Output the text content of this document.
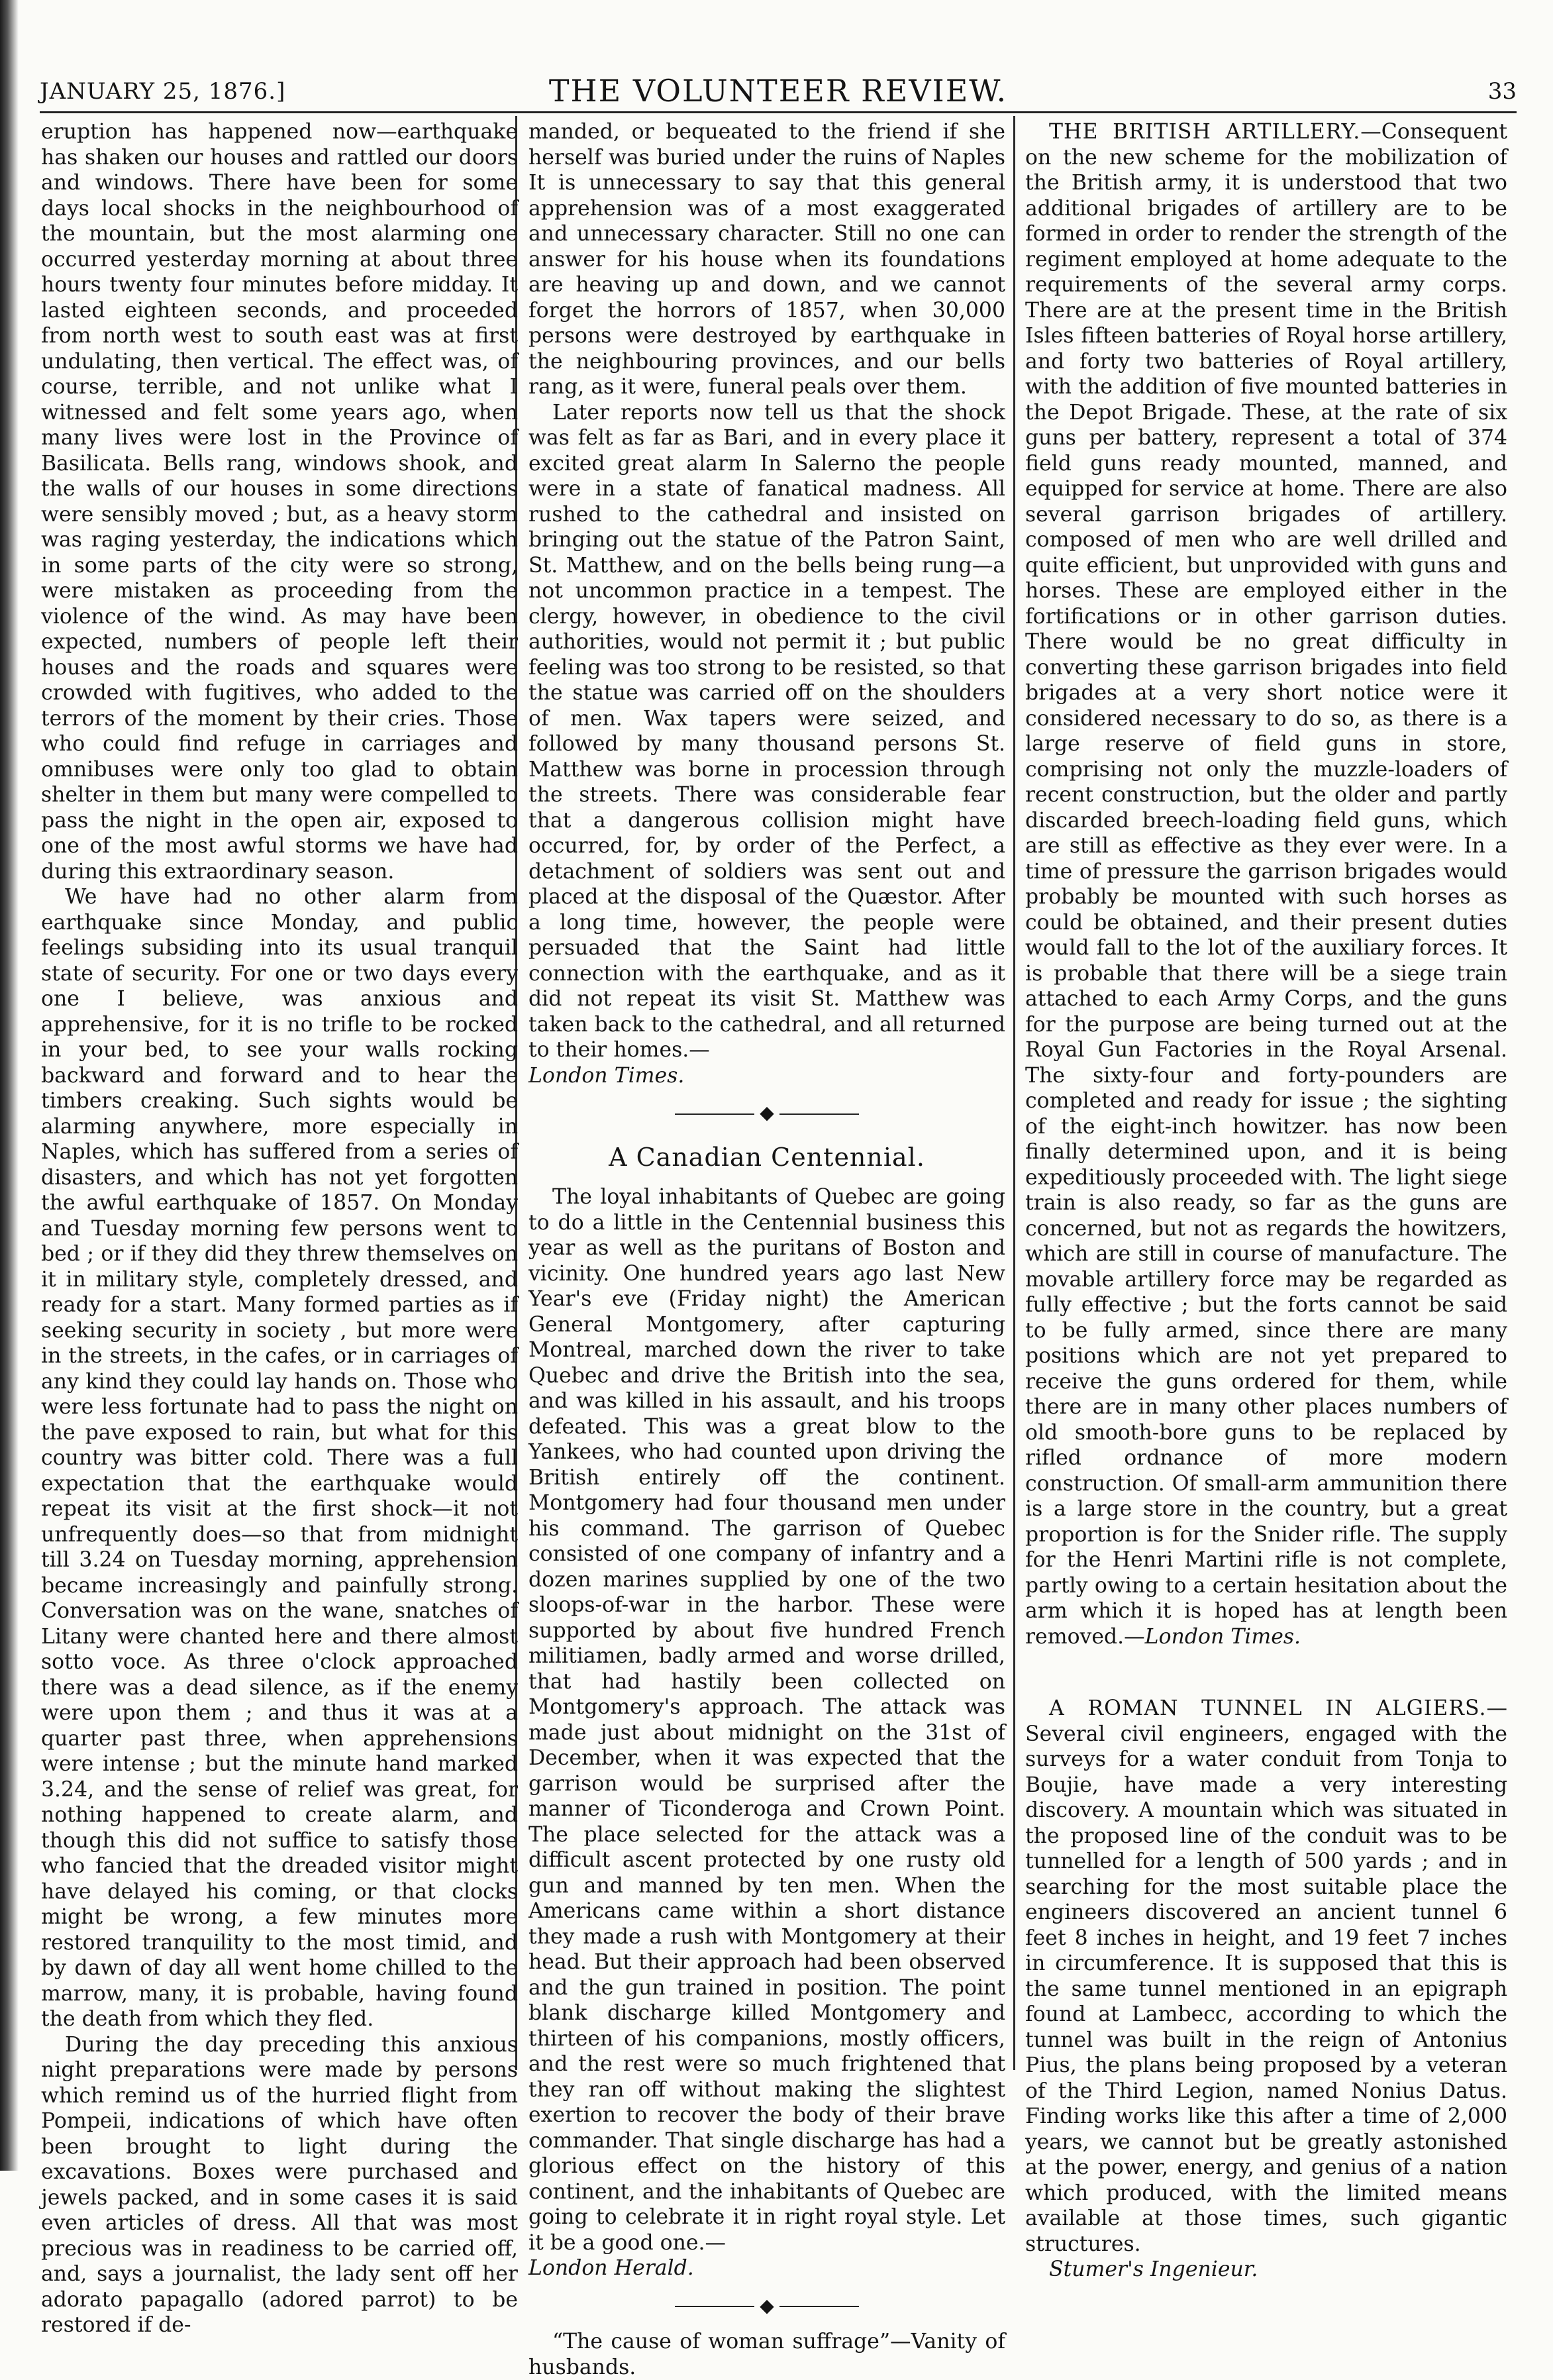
JANUARY 25, 1876.]	THE VOLUNTEER REVIEW.	33

eruption has happened now—earthquake has shaken our houses and rattled our doors and windows. There have been for some days local shocks in the neighbourhood of the mountain, but the most alarming one occurred yesterday morning at about three hours twenty four minutes before midday. It lasted eighteen seconds, and proceeded from north west to south east was at first undulating, then vertical. The effect was, of course, terrible, and not unlike what I witnessed and felt some years ago, when many lives were lost in the Province of Basilicata. Bells rang, windows shook, and the walls of our houses in some directions were sensibly moved ; but, as a heavy storm was raging yesterday, the indications which in some parts of the city were so strong, were mistaken as proceeding from the violence of the wind. As may have been expected, numbers of people left their houses and the roads and squares were crowded with fugitives, who added to the terrors of the moment by their cries. Those who could find refuge in carriages and omnibuses were only too glad to obtain shelter in them but many were compelled to pass the night in the open air, exposed to one of the most awful storms we have had during this extraordinary season.

We have had no other alarm from earthquake since Monday, and public feelings subsiding into its usual tranquil state of security. For one or two days every one I believe, was anxious and apprehensive, for it is no trifle to be rocked in your bed, to see your walls rocking backward and forward and to hear the timbers creaking. Such sights would be alarming anywhere, more especially in Naples, which has suffered from a series of disasters, and which has not yet forgotten the awful earthquake of 1857. On Monday and Tuesday morning few persons went to bed ; or if they did they threw themselves on it in military style, completely dressed, and ready for a start. Many formed parties as if seeking security in society , but more were in the streets, in the cafes, or in carriages of any kind they could lay hands on. Those who were less fortunate had to pass the night on the pave exposed to rain, but what for this country was bitter cold. There was a full expectation that the earthquake would repeat its visit at the first shock—it not unfrequently does—so that from midnight till 3.24 on Tuesday morning, apprehension became increasingly and painfully strong. Conversation was on the wane, snatches of Litany were chanted here and there almost sotto voce. As three o'clock approached there was a dead silence, as if the enemy were upon them ; and thus it was at a quarter past three, when apprehensions were intense ; but the minute hand marked 3.24, and the sense of relief was great, for nothing happened to create alarm, and though this did not suffice to satisfy those who fancied that the dreaded visitor might have delayed his coming, or that clocks might be wrong, a few minutes more restored tranquility to the most timid, and by dawn of day all went home chilled to the marrow, many, it is probable, having found the death from which they fled.

During the day preceding this anxious night preparations were made by persons which remind us of the hurried flight from Pompeii, indications of which have often been brought to light during the excavations. Boxes were purchased and jewels packed, and in some cases it is said even articles of dress. All that was most precious was in readiness to be carried off, and, says a journalist, the lady sent off her adorato papagallo (adored parrot) to be restored if de-

manded, or bequeated to the friend if she herself was buried under the ruins of Naples It is unnecessary to say that this general apprehension was of a most exaggerated and unnecessary character. Still no one can answer for his house when its foundations are heaving up and down, and we cannot forget the horrors of 1857, when 30,000 persons were destroyed by earthquake in the neighbouring provinces, and our bells rang, as it were, funeral peals over them.

Later reports now tell us that the shock was felt as far as Bari, and in every place it excited great alarm In Salerno the people were in a state of fanatical madness. All rushed to the cathedral and insisted on bringing out the statue of the Patron Saint, St. Matthew, and on the bells being rung—a not uncommon practice in a tempest. The clergy, however, in obedience to the civil authorities, would not permit it ; but public feeling was too strong to be resisted, so that the statue was carried off on the shoulders of men. Wax tapers were seized, and followed by many thousand persons St. Matthew was borne in procession through the streets. There was considerable fear that a dangerous collision might have occurred, for, by order of the Perfect, a detachment of soldiers was sent out and placed at the disposal of the Quæstor. After a long time, however, the people were persuaded that the Saint had little connection with the earthquake, and as it did not repeat its visit St. Matthew was taken back to the cathedral, and all returned to their homes.—

London Times.

◆
A Canadian Centennial.

The loyal inhabitants of Quebec are going to do a little in the Centennial business this year as well as the puritans of Boston and vicinity. One hundred years ago last New Year's eve (Friday night) the American General Montgomery, after capturing Montreal, marched down the river to take Quebec and drive the British into the sea, and was killed in his assault, and his troops defeated. This was a great blow to the Yankees, who had counted upon driving the British entirely off the continent. Montgomery had four thousand men under his command. The garrison of Quebec consisted of one company of infantry and a dozen marines supplied by one of the two sloops-of-war in the harbor. These were supported by about five hundred French militiamen, badly armed and worse drilled, that had hastily been collected on Montgomery's approach. The attack was made just about midnight on the 31st of December, when it was expected that the garrison would be surprised after the manner of Ticonderoga and Crown Point. The place selected for the attack was a difficult ascent protected by one rusty old gun and manned by ten men. When the Americans came within a short distance they made a rush with Montgomery at their head. But their approach had been observed and the gun trained in position. The point blank discharge killed Montgomery and thirteen of his companions, mostly officers, and the rest were so much frightened that they ran off without making the slightest exertion to recover the body of their brave commander. That single discharge has had a glorious effect on the history of this continent, and the inhabitants of Quebec are going to celebrate it in right royal style. Let it be a good one.—

London Herald.

◆

“The cause of woman suffrage”—Vanity of husbands.

THE BRITISH ARTILLERY.—Consequent on the new scheme for the mobilization of the British army, it is understood that two additional brigades of artillery are to be formed in order to render the strength of the regiment employed at home adequate to the requirements of the several army corps. There are at the present time in the British Isles fifteen batteries of Royal horse artillery, and forty two batteries of Royal artillery, with the addition of five mounted batteries in the Depot Brigade. These, at the rate of six guns per battery, represent a total of 374 field guns ready mounted, manned, and equipped for service at home. There are also several garrison brigades of artillery. composed of men who are well drilled and quite efficient, but unprovided with guns and horses. These are employed either in the fortifications or in other garrison duties. There would be no great difficulty in converting these garrison brigades into field brigades at a very short notice were it considered necessary to do so, as there is a large reserve of field guns in store, comprising not only the muzzle-loaders of recent construction, but the older and partly discarded breech-loading field guns, which are still as effective as they ever were. In a time of pressure the garrison brigades would probably be mounted with such horses as could be obtained, and their present duties would fall to the lot of the auxiliary forces. It is probable that there will be a siege train attached to each Army Corps, and the guns for the purpose are being turned out at the Royal Gun Factories in the Royal Arsenal. The sixty-four and forty-pounders are completed and ready for issue ; the sighting of the eight-inch howitzer. has now been finally determined upon, and it is being expeditiously proceeded with. The light siege train is also ready, so far as the guns are concerned, but not as regards the howitzers, which are still in course of manufacture. The movable artillery force may be regarded as fully effective ; but the forts cannot be said to be fully armed, since there are many positions which are not yet prepared to receive the guns ordered for them, while there are in many other places numbers of old smooth-bore guns to be replaced by rifled ordnance of more modern construction. Of small-arm ammunition there is a large store in the country, but a great proportion is for the Snider rifle. The supply for the Henri Martini rifle is not complete, partly owing to a certain hesitation about the arm which it is hoped has at length been removed.—London Times.

A ROMAN TUNNEL IN ALGIERS.—Several civil engineers, engaged with the surveys for a water conduit from Tonja to Boujie, have made a very interesting discovery. A mountain which was situated in the proposed line of the conduit was to be tunnelled for a length of 500 yards ; and in searching for the most suitable place the engineers discovered an ancient tunnel 6 feet 8 inches in height, and 19 feet 7 inches in circumference. It is supposed that this is the same tunnel mentioned in an epigraph found at Lambecc, according to which the tunnel was built in the reign of Antonius Pius, the plans being proposed by a veteran of the Third Legion, named Nonius Datus. Finding works like this after a time of 2,000 years, we cannot but be greatly astonished at the power, energy, and genius of a nation which produced, with the limited means available at those times, such gigantic structures.

Stumer's Ingenieur.
